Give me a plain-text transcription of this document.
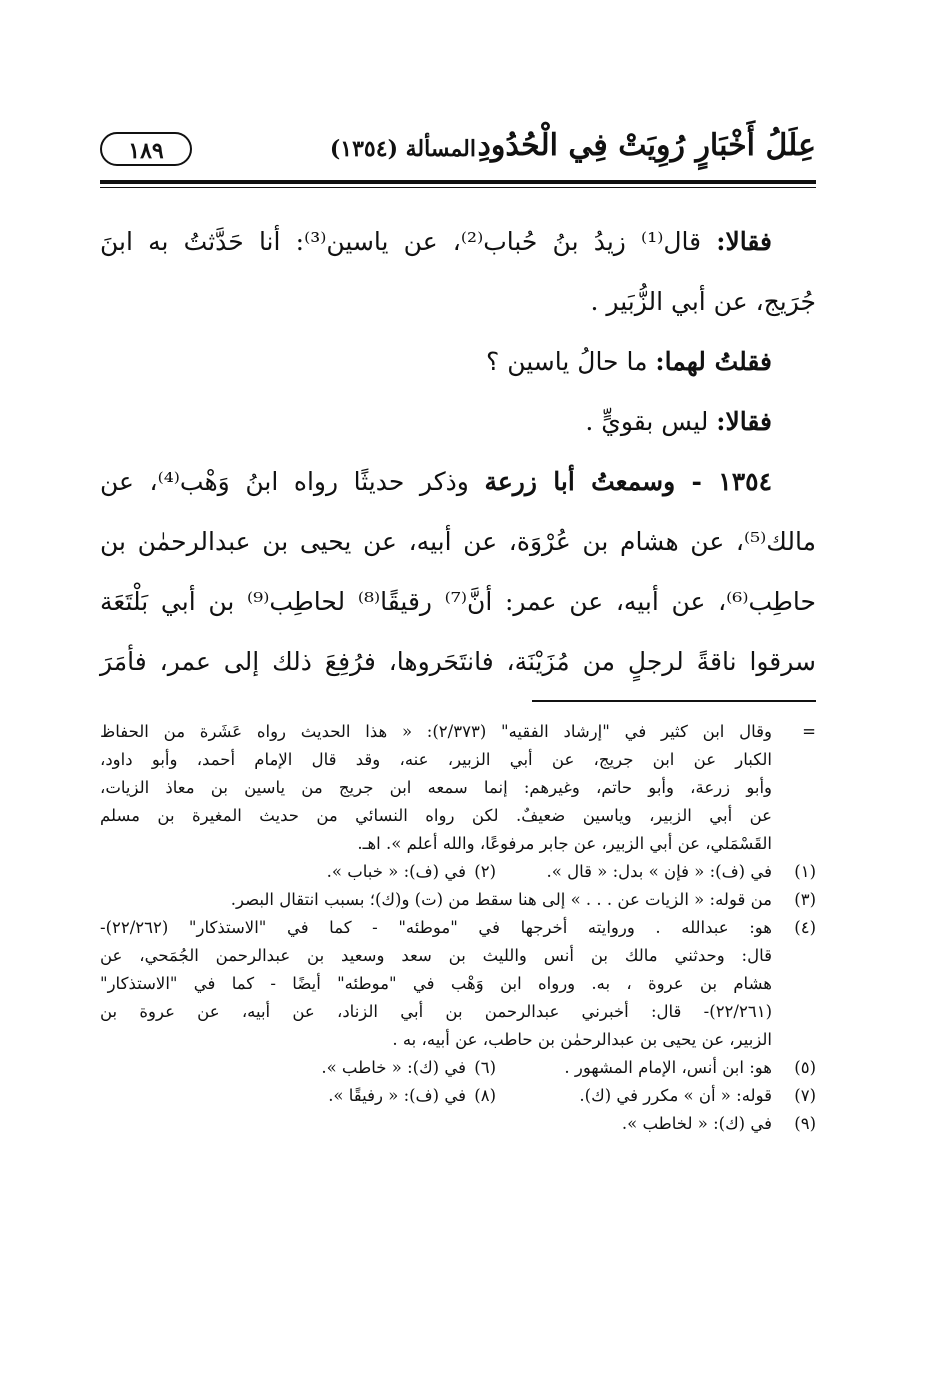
عِلَلُ أَخْبَارٍ رُوِيَتْ فِي الْحُدُودِ
المسألة (١٣٥٤)
١٨٩
فقالا: قال⁽¹⁾ زيدُ بنُ حُباب⁽²⁾، عن ياسين⁽³⁾: أنا حَدَّثتُ به ابنَ
جُرَيج، عن أبي الزُّبَير .
فقلتُ لهما: ما حالُ ياسين ؟
فقالا: ليس بقويٍّ .
١٣٥٤ - وسمعتُ أبا زرعة وذكر حديثًا رواه ابنُ وَهْب⁽⁴⁾، عن
مالك⁽⁵⁾، عن هشام بن عُرْوَة، عن أبيه، عن يحيى بن عبدالرحمٰن بن
حاطِب⁽⁶⁾، عن أبيه، عن عمر: أنَّ⁽⁷⁾ رقيقًا⁽⁸⁾ لحاطِب⁽⁹⁾ بن أبي بَلْتَعَة
سرقوا ناقةً لرجلٍ من مُزَيْنَة، فانتَحَروها، فرُفِعَ ذلك إلى عمر، فأمَرَ
=
وقال ابن كثير في "إرشاد الفقيه" (٢/٣٧٣): « هذا الحديث رواه عَشَرة من الحفاظ
الكبار عن ابن جريج، عن أبي الزبير، عنه، وقد قال الإمام أحمد، وأبو داود،
وأبو زرعة، وأبو حاتم، وغيرهم: إنما سمعه ابن جريج من ياسين بن معاذ الزيات،
عن أبي الزبير، وياسين ضعيفٌ. لكن رواه النسائي من حديث المغيرة بن مسلم
القَسْمَلي، عن أبي الزبير، عن جابر مرفوعًا، والله أعلم ». اهـ.
(١)
في (ف): « فإن » بدل: « قال ».
(٢)
في (ف): « خباب ».
(٣)
من قوله: « الزيات عن . . . » إلى هنا سقط من (ت) و(ك)؛ بسبب انتقال البصر.
(٤)
هو: عبدالله . وروايته أخرجها في "موطئه" - كما في "الاستذكار" (٢٢/٢٦٢)-
قال: وحدثني مالك بن أنس والليث بن سعد وسعيد بن عبدالرحمن الجُمَحي، عن
هشام بن عروة ، به. ورواه ابن وَهْب في "موطئه" أيضًا - كما في "الاستذكار"
(٢٢/٢٦١)- قال: أخبرني عبدالرحمن بن أبي الزناد، عن أبيه، عن عروة بن
الزبير، عن يحيى بن عبدالرحمٰن بن حاطب، عن أبيه، به .
(٥)
هو: ابن أنس، الإمام المشهور .
(٦)
في (ك): « خاطب ».
(٧)
قوله: « أن » مكرر في (ك).
(٨)
في (ف): « رفيقًا ».
(٩)
في (ك): « لخاطب ».
